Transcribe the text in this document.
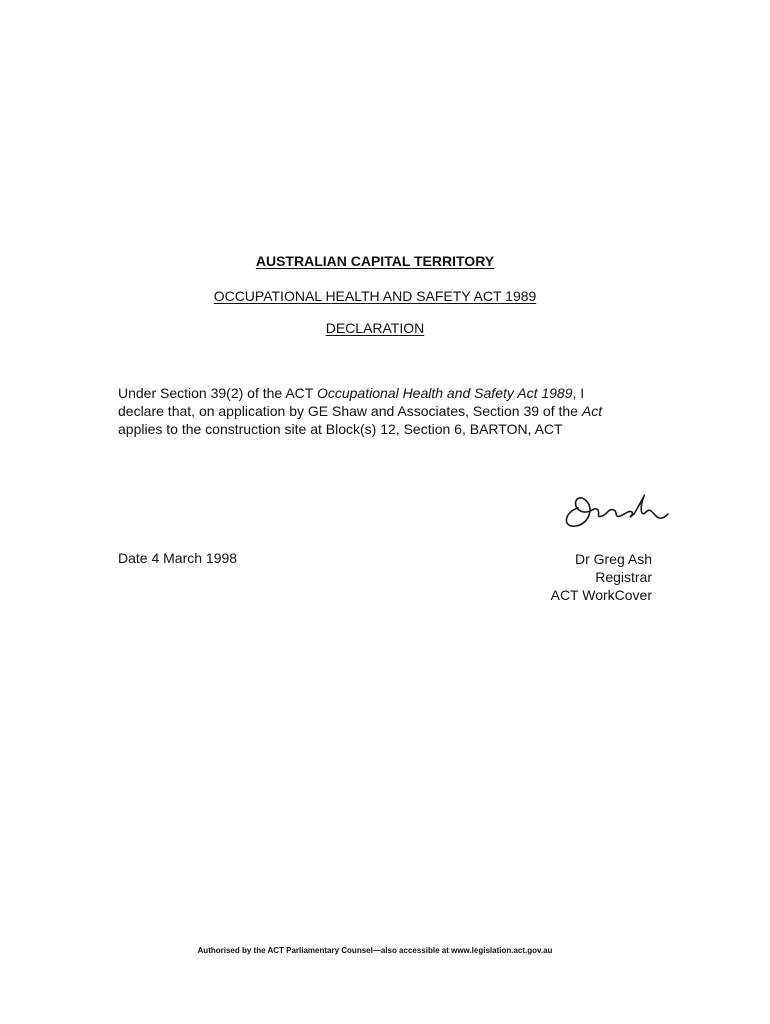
AUSTRALIAN CAPITAL TERRITORY
OCCUPATIONAL HEALTH AND SAFETY ACT 1989
DECLARATION
Under Section 39(2) of the ACT Occupational Health and Safety Act 1989, I
declare that, on application by GE Shaw and Associates, Section 39 of the Act
applies to the construction site at Block(s) 12, Section 6, BARTON, ACT
Date 4 March 1998	Dr Greg Ash
Registrar
ACT WorkCover
Authorised by the ACT Parliamentary Counsel—also accessible at www.legislation.act.gov.au
